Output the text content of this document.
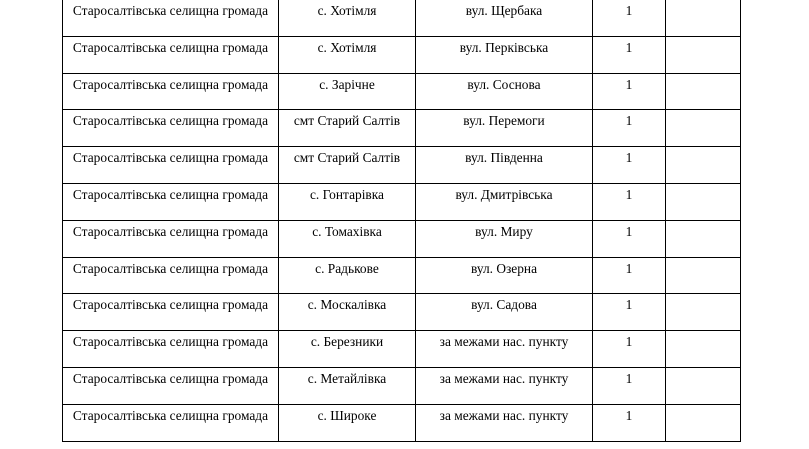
Старосалтівська селищна громада	с. Хотімля	вул. Щербака	1	

Старосалтівська селищна громада	с. Хотімля	вул. Перківська	1	

Старосалтівська селищна громада	с. Зарічне	вул. Соснова	1	

Старосалтівська селищна громада	смт Старий Салтів	вул. Перемоги	1	

Старосалтівська селищна громада	смт Старий Салтів	вул. Південна	1	

Старосалтівська селищна громада	с. Гонтарівка	вул. Дмитрівська	1	

Старосалтівська селищна громада	с. Томахівка	вул. Миру	1	

Старосалтівська селищна громада	с. Радькове	вул. Озерна	1	

Старосалтівська селищна громада	с. Москалівка	вул. Садова	1	

Старосалтівська селищна громада	с. Березники	за межами нас. пункту	1	

Старосалтівська селищна громада	с. Метайлівка	за межами нас. пункту	1	

Старосалтівська селищна громада	с. Широке	за межами нас. пункту	1	
